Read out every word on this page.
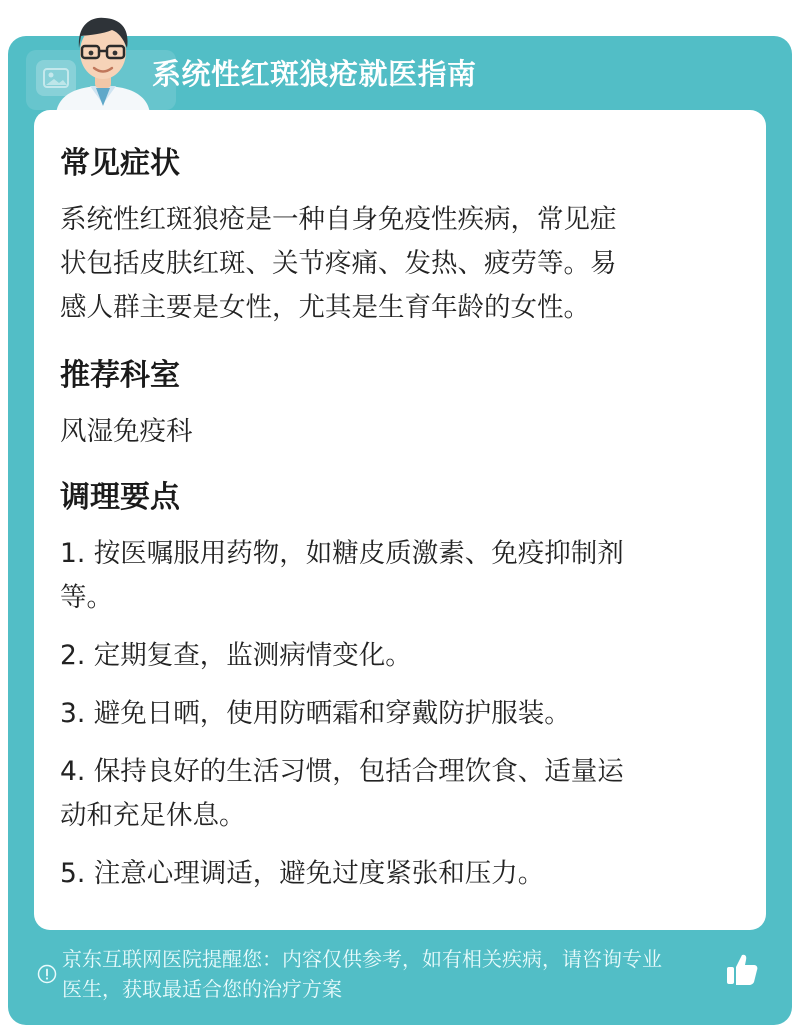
系统性红斑狼疮就医指南
常见症状
系统性红斑狼疮是一种自身免疫性疾病，常见症
状包括皮肤红斑、关节疼痛、发热、疲劳等。易
感人群主要是女性，尤其是生育年龄的女性。
推荐科室
风湿免疫科
调理要点
1. 按医嘱服用药物，如糖皮质激素、免疫抑制剂
等。
2. 定期复查，监测病情变化。
3. 避免日晒，使用防晒霜和穿戴防护服装。
4. 保持良好的生活习惯，包括合理饮食、适量运
动和充足休息。
5. 注意心理调适，避免过度紧张和压力。
京东互联网医院提醒您：内容仅供参考，如有相关疾病，请咨询专业
医生，获取最适合您的治疗方案
